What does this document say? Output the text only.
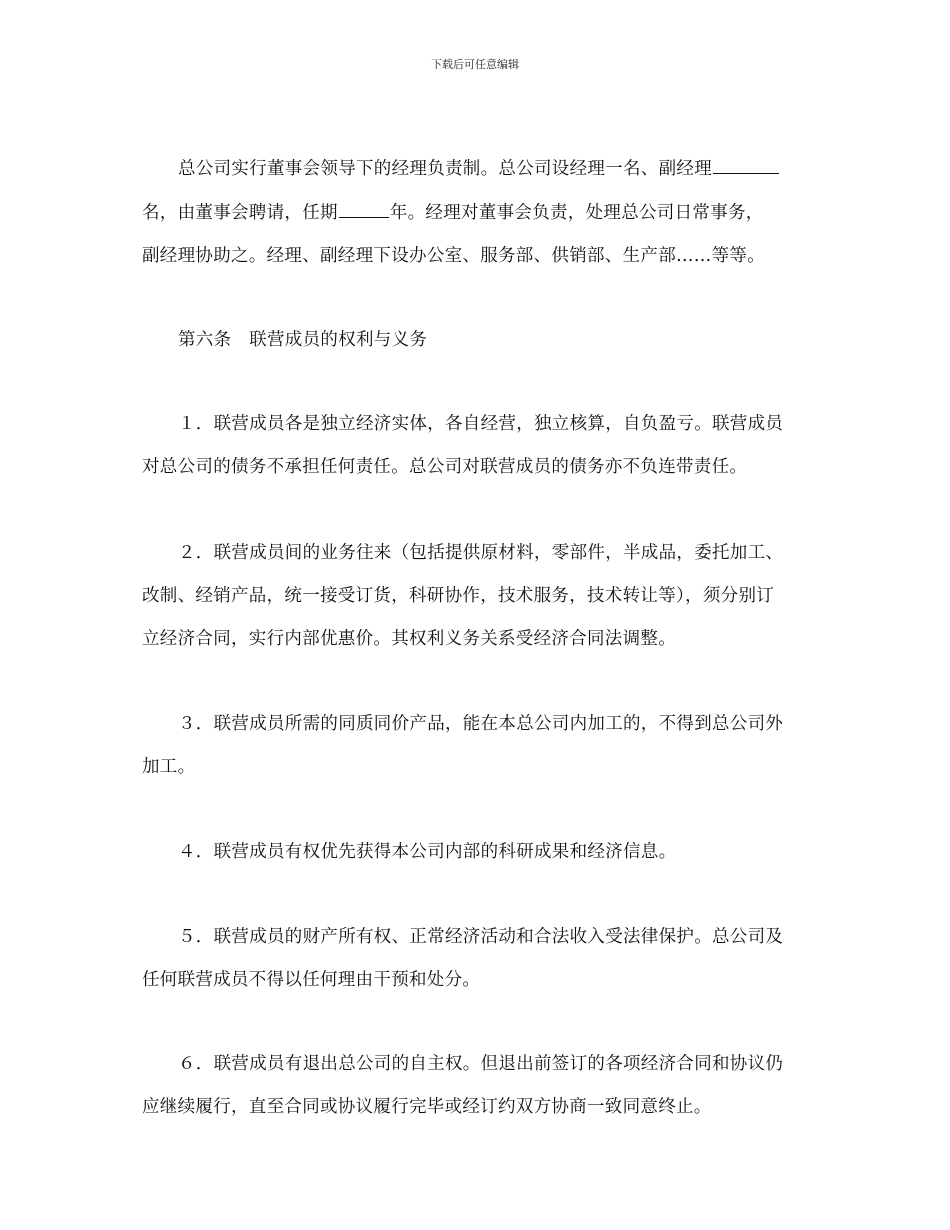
下载后可任意编辑
总公司实行董事会领导下的经理负责制。总公司设经理一名、副经理
名，由董事会聘请，任期	年。经理对董事会负责，处理总公司日常事务，
副经理协助之。经理、副经理下设办公室、服务部、供销部、生产部……等等。
第六条　联营成员的权利与义务
１．联营成员各是独立经济实体，各自经营，独立核算，自负盈亏。联营成员
对总公司的债务不承担任何责任。总公司对联营成员的债务亦不负连带责任。
２．联营成员间的业务往来（包括提供原材料，零部件，半成品，委托加工、
改制、经销产品，统一接受订货，科研协作，技术服务，技术转让等），须分别订
立经济合同，实行内部优惠价。其权利义务关系受经济合同法调整。
３．联营成员所需的同质同价产品，能在本总公司内加工的，不得到总公司外
加工。
４．联营成员有权优先获得本公司内部的科研成果和经济信息。
５．联营成员的财产所有权、正常经济活动和合法收入受法律保护。总公司及
任何联营成员不得以任何理由干预和处分。
６．联营成员有退出总公司的自主权。但退出前签订的各项经济合同和协议仍
应继续履行，直至合同或协议履行完毕或经订约双方协商一致同意终止。
